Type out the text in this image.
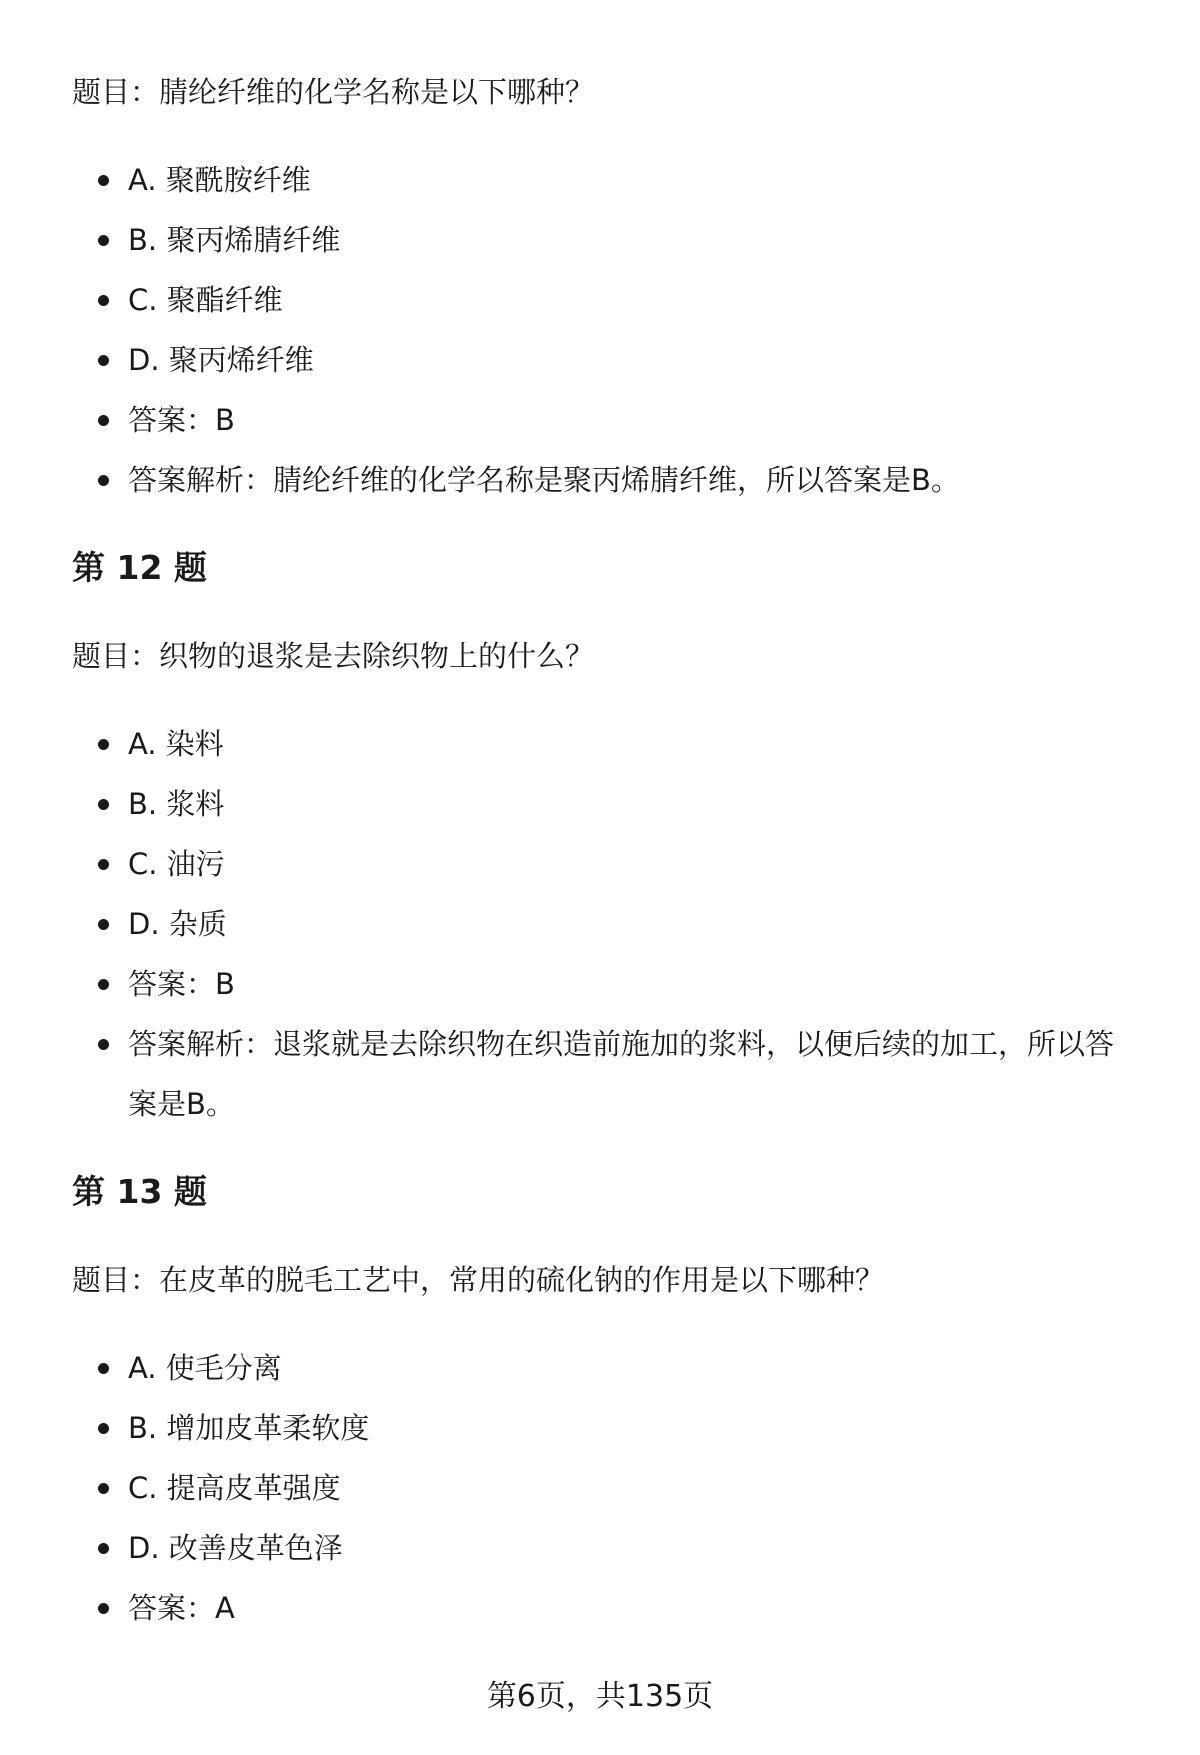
题目：腈纶纤维的化学名称是以下哪种？

A. 聚酰胺纤维
B. 聚丙烯腈纤维
C. 聚酯纤维
D. 聚丙烯纤维
答案：B
答案解析：腈纶纤维的化学名称是聚丙烯腈纤维，所以答案是B。
第 12 题

题目：织物的退浆是去除织物上的什么？

A. 染料
B. 浆料
C. 油污
D. 杂质
答案：B
答案解析：退浆就是去除织物在织造前施加的浆料，以便后续的加工，所以答案是B。
第 13 题

题目：在皮革的脱毛工艺中，常用的硫化钠的作用是以下哪种？

A. 使毛分离
B. 增加皮革柔软度
C. 提高皮革强度
D. 改善皮革色泽
答案：A
第6页，共135页
